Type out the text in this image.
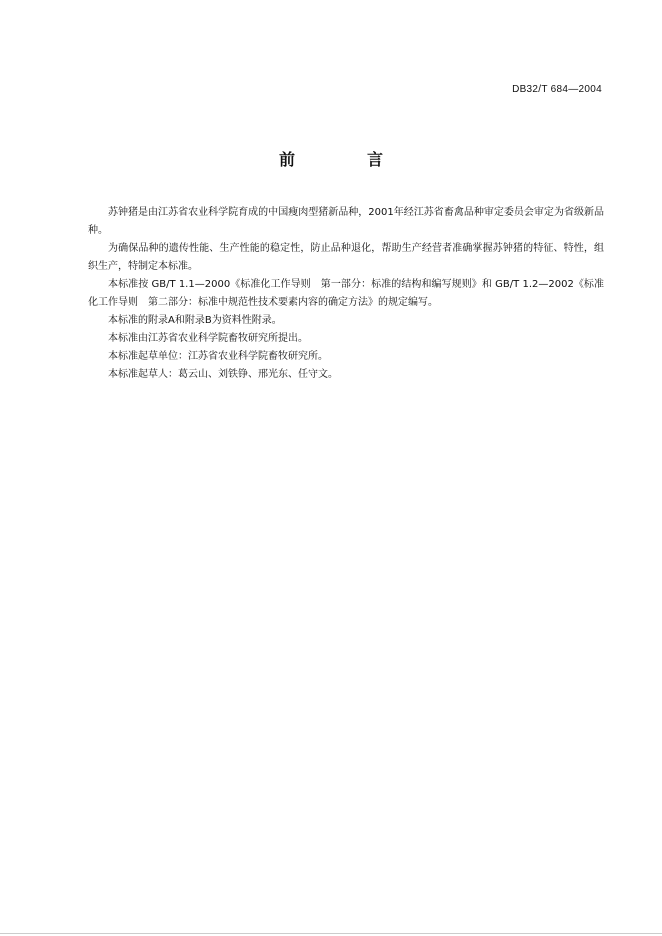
DB32/T 684—2004
前　言

苏钟猪是由江苏省农业科学院育成的中国瘦肉型猪新品种，2001年经江苏省畜禽品种审定委员会审定为省级新品种。

为确保品种的遗传性能、生产性能的稳定性，防止品种退化，帮助生产经营者准确掌握苏钟猪的特征、特性，组织生产，特制定本标准。

本标准按 GB/T 1.1—2000《标准化工作导则　第一部分：标准的结构和编写规则》和 GB/T 1.2—2002《标准化工作导则　第二部分：标准中规范性技术要素内容的确定方法》的规定编写。

本标准的附录A和附录B为资料性附录。

本标准由江苏省农业科学院畜牧研究所提出。

本标准起草单位：江苏省农业科学院畜牧研究所。

本标准起草人：葛云山、刘铁铮、邢光东、任守文。
